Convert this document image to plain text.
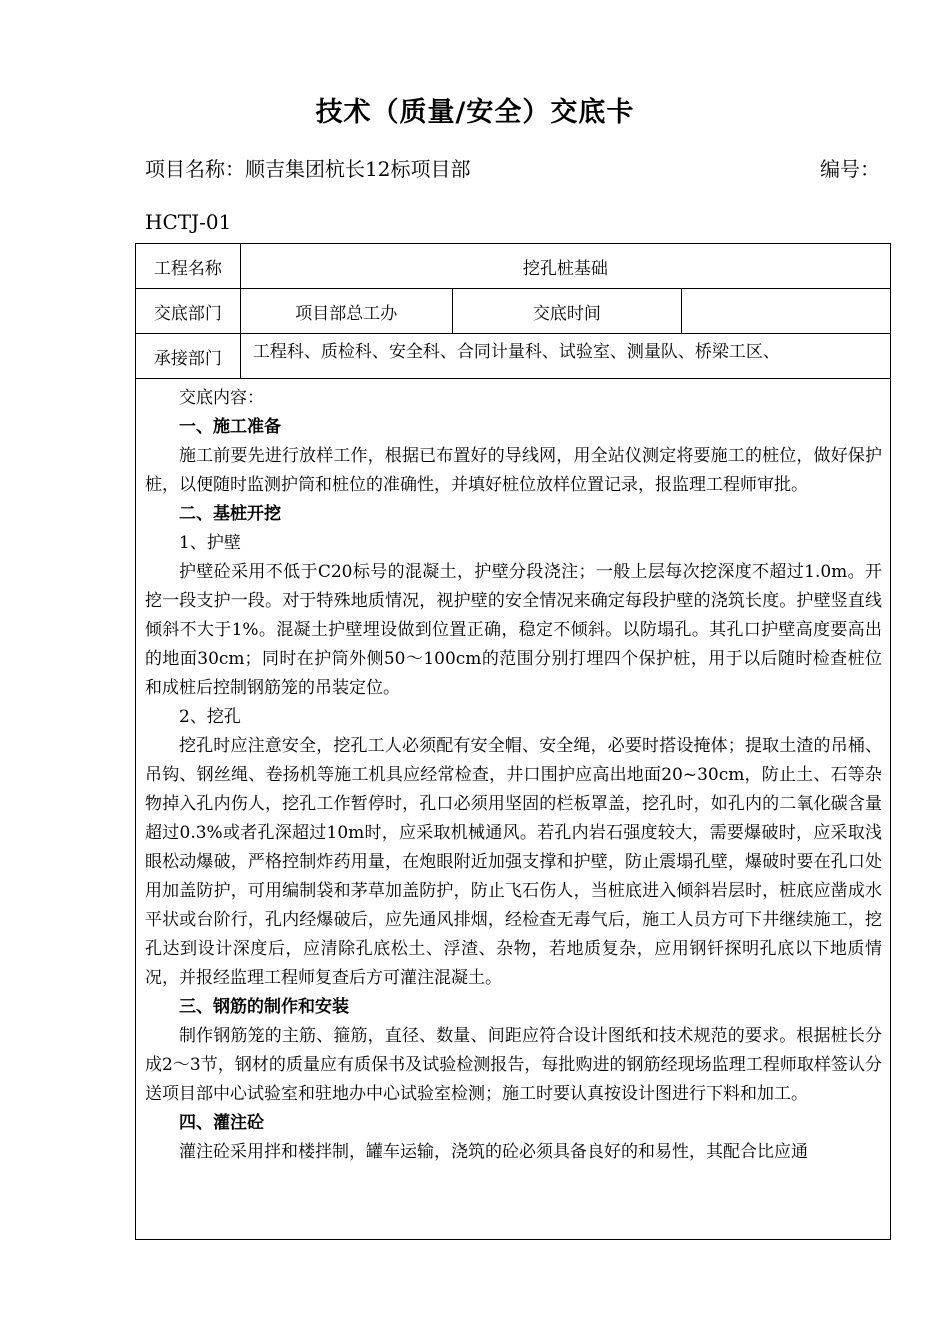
技术（质量/安全）交底卡
项目名称：顺吉集团杭长12标项目部	编号：
HCTJ-01
工程名称	挖孔桩基础		
交底部门	项目部总工办	交底时间	
承接部门	工程科、质检科、安全科、合同计量科、试验室、测量队、桥梁工区、		

交底内容：

一、施工准备

施工前要先进行放样工作，根据已布置好的导线网，用全站仪测定将要施工的桩位，做好保护桩，以便随时监测护筒和桩位的准确性，并填好桩位放样位置记录，报监理工程师审批。

二、基桩开挖

1、护壁

护壁砼采用不低于C20标号的混凝土，护壁分段浇注；一般上层每次挖深度不超过1.0m。开挖一段支护一段。对于特殊地质情况，视护壁的安全情况来确定每段护壁的浇筑长度。护壁竖直线倾斜不大于1%。混凝土护壁埋设做到位置正确，稳定不倾斜。以防塌孔。其孔口护壁高度要高出的地面30cm；同时在护筒外侧50～100cm的范围分别打埋四个保护桩，用于以后随时检查桩位和成桩后控制钢筋笼的吊装定位。

2、挖孔

挖孔时应注意安全，挖孔工人必须配有安全帽、安全绳，必要时搭设掩体；提取土渣的吊桶、吊钩、钢丝绳、卷扬机等施工机具应经常检查，井口围护应高出地面20~30cm，防止土、石等杂物掉入孔内伤人，挖孔工作暂停时，孔口必须用坚固的栏板罩盖，挖孔时，如孔内的二氧化碳含量超过0.3%或者孔深超过10m时，应采取机械通风。若孔内岩石强度较大，需要爆破时，应采取浅眼松动爆破，严格控制炸药用量，在炮眼附近加强支撑和护壁，防止震塌孔壁，爆破时要在孔口处用加盖防护，可用编制袋和茅草加盖防护，防止飞石伤人，当桩底进入倾斜岩层时，桩底应凿成水平状或台阶行，孔内经爆破后，应先通风排烟，经检查无毒气后，施工人员方可下井继续施工，挖孔达到设计深度后，应清除孔底松土、浮渣、杂物，若地质复杂，应用钢钎探明孔底以下地质情况，并报经监理工程师复查后方可灌注混凝土。

三、钢筋的制作和安装

制作钢筋笼的主筋、箍筋，直径、数量、间距应符合设计图纸和技术规范的要求。根据桩长分成2～3节，钢材的质量应有质保书及试验检测报告，每批购进的钢筋经现场监理工程师取样签认分送项目部中心试验室和驻地办中心试验室检测；施工时要认真按设计图进行下料和加工。

四、灌注砼

灌注砼采用拌和楼拌制，罐车运输，浇筑的砼必须具备良好的和易性，其配合比应通
